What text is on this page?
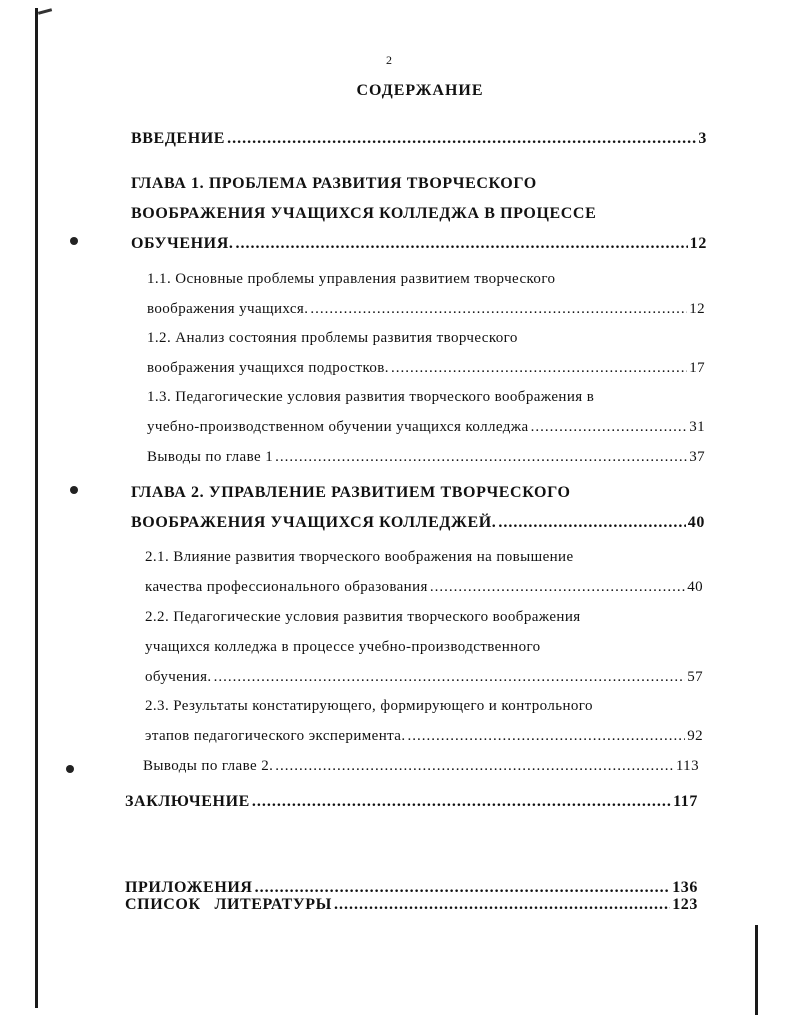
2
СОДЕРЖАНИЕ
ВВЕДЕНИЕ .....	3
ГЛАВА 1. ПРОБЛЕМА РАЗВИТИЯ ТВОРЧЕСКОГО
ВООБРАЖЕНИЯ УЧАЩИХСЯ КОЛЛЕДЖА В ПРОЦЕССЕ
ОБУЧЕНИЯ. .....	12
1.1. Основные проблемы управления развитием творческого
воображения учащихся. .....	12
1.2. Анализ состояния проблемы развития творческого
воображения учащихся подростков. .....	17
1.3. Педагогические условия развития творческого воображения в
учебно-производственном обучении учащихся колледжа .....	31
Выводы по главе 1 .....	37
ГЛАВА 2. УПРАВЛЕНИЕ РАЗВИТИЕМ ТВОРЧЕСКОГО
ВООБРАЖЕНИЯ УЧАЩИХСЯ КОЛЛЕДЖЕЙ. .....	40
2.1. Влияние развития творческого воображения на повышение
качества профессионального образования .....	40
2.2. Педагогические условия развития творческого воображения
учащихся колледжа в процессе учебно-производственного
обучения. .....	57
2.3. Результаты констатирующего, формирующего и контрольного
этапов педагогического эксперимента. .....	92
Выводы по главе 2. .....	113
ЗАКЛЮЧЕНИЕ .....	117

СПИСОК   ЛИТЕРАТУРЫ .....	123

ПРИЛОЖЕНИЯ .....	136
